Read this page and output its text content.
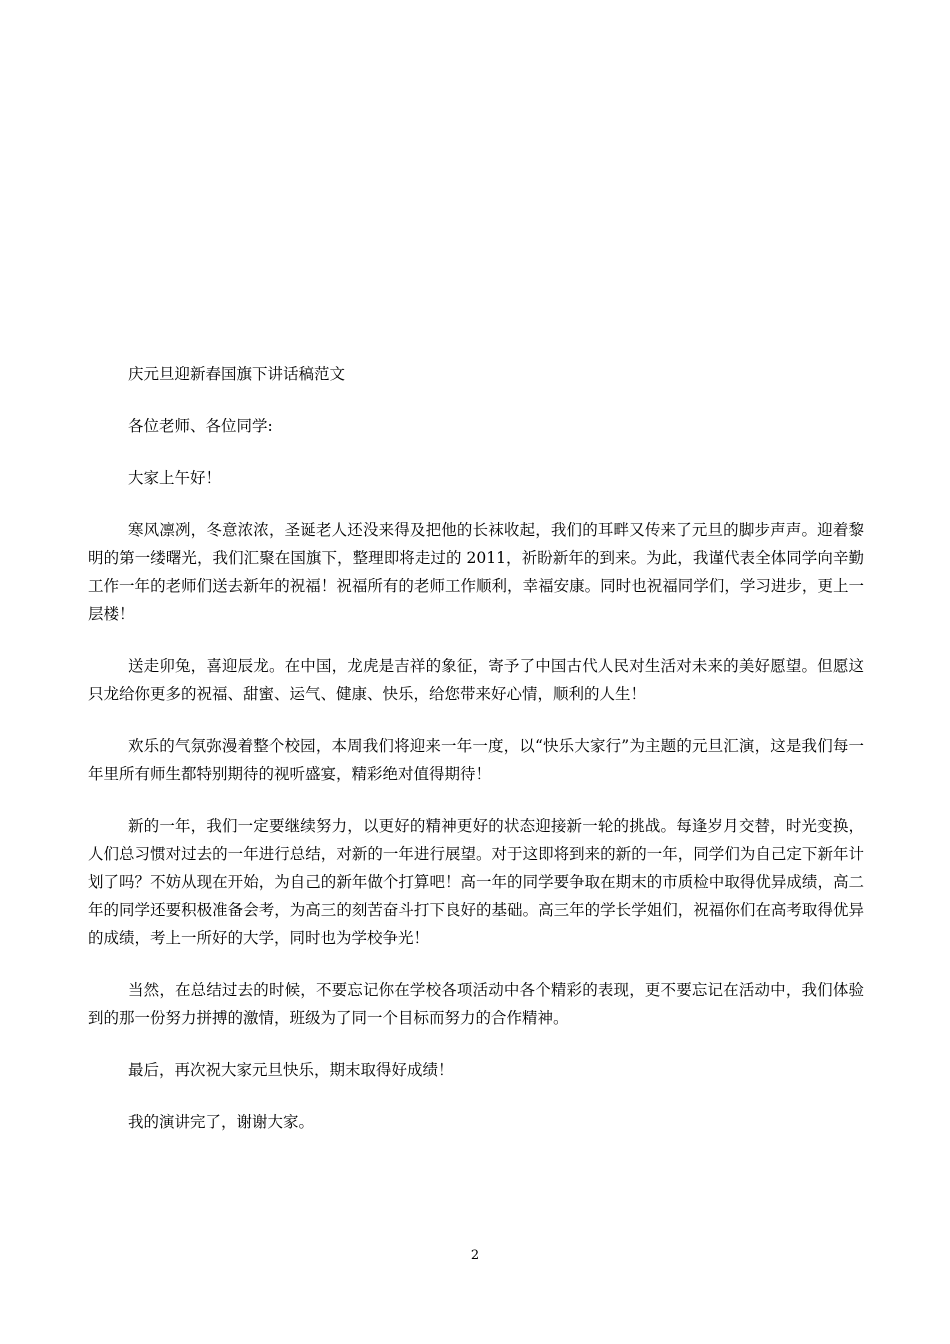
庆元旦迎新春国旗下讲话稿范文

各位老师、各位同学:

大家上午好！

寒风凛冽，冬意浓浓，圣诞老人还没来得及把他的长袜收起，我们的耳畔又传来了元旦的脚步声声。迎着黎明的第一缕曙光，我们汇聚在国旗下，整理即将走过的 2011，祈盼新年的到来。为此，我谨代表全体同学向辛勤工作一年的老师们送去新年的祝福！祝福所有的老师工作顺利，幸福安康。同时也祝福同学们，学习进步，更上一层楼！

送走卯兔，喜迎辰龙。在中国，龙虎是吉祥的象征，寄予了中国古代人民对生活对未来的美好愿望。但愿这只龙给你更多的祝福、甜蜜、运气、健康、快乐，给您带来好心情，顺利的人生！

欢乐的气氛弥漫着整个校园，本周我们将迎来一年一度，以“快乐大家行”为主题的元旦汇演，这是我们每一年里所有师生都特别期待的视听盛宴，精彩绝对值得期待！

新的一年，我们一定要继续努力，以更好的精神更好的状态迎接新一轮的挑战。每逢岁月交替，时光变换，人们总习惯对过去的一年进行总结，对新的一年进行展望。对于这即将到来的新的一年，同学们为自己定下新年计划了吗？不妨从现在开始，为自己的新年做个打算吧！高一年的同学要争取在期末的市质检中取得优异成绩，高二年的同学还要积极准备会考，为高三的刻苦奋斗打下良好的基础。高三年的学长学姐们，祝福你们在高考取得优异的成绩，考上一所好的大学，同时也为学校争光！

当然，在总结过去的时候，不要忘记你在学校各项活动中各个精彩的表现，更不要忘记在活动中，我们体验到的那一份努力拼搏的激情，班级为了同一个目标而努力的合作精神。

最后，再次祝大家元旦快乐，期末取得好成绩！

我的演讲完了，谢谢大家。

2
